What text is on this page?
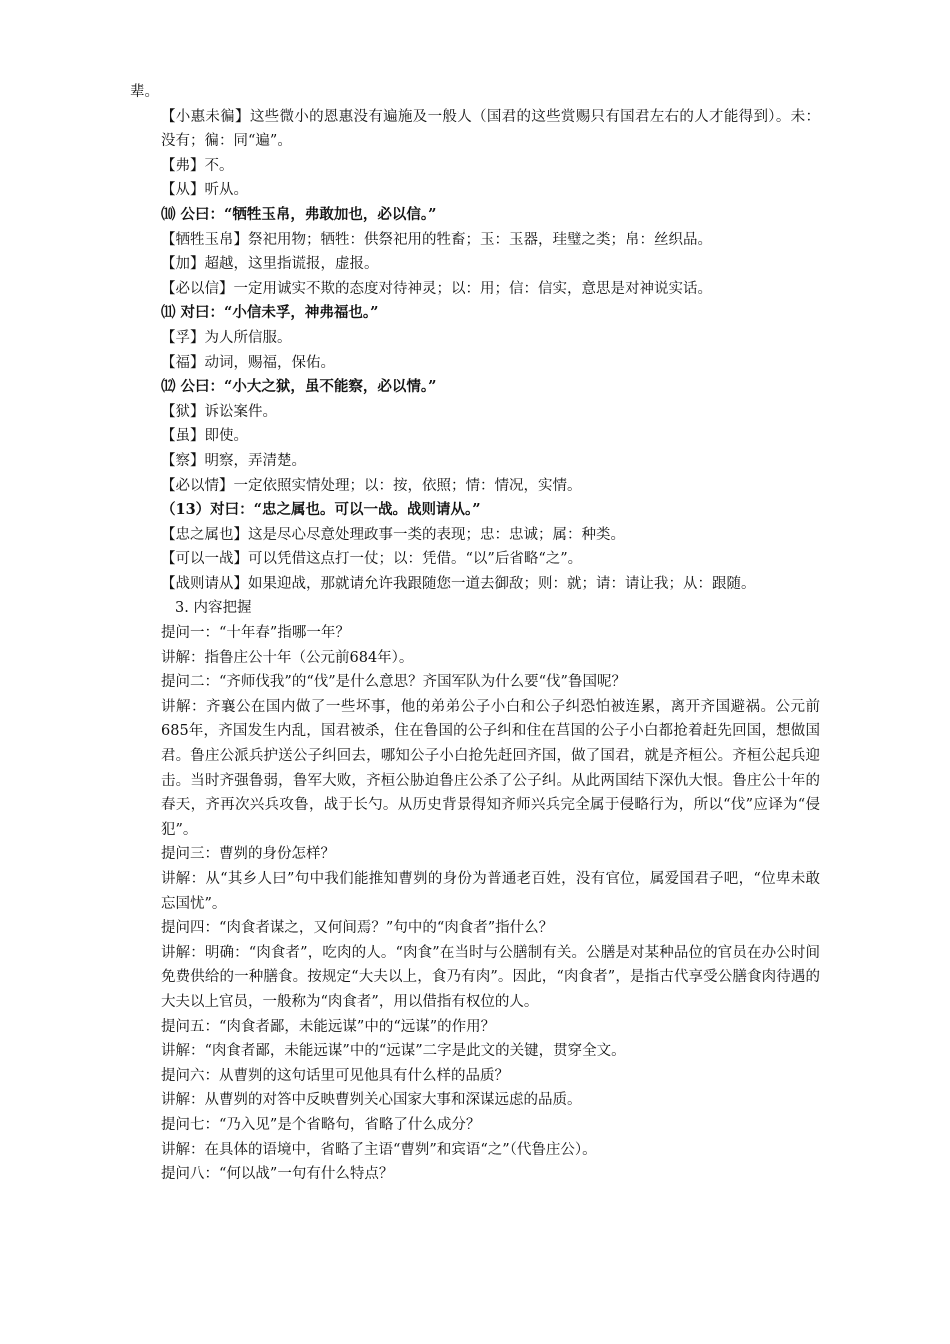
辈。
【小惠未徧】这些微小的恩惠没有遍施及一般人（国君的这些赏赐只有国君左右的人才能得到）。未：没有；徧：同“遍”。
【弗】不。
【从】听从。
⑽ 公曰：“牺牲玉帛，弗敢加也，必以信。”
【牺牲玉帛】祭祀用物；牺牲：供祭祀用的牲畜；玉：玉器，珪璧之类；帛：丝织品。
【加】超越，这里指谎报，虚报。
【必以信】一定用诚实不欺的态度对待神灵；以：用；信：信实，意思是对神说实话。
⑾ 对曰：“小信未孚，神弗福也。”
【孚】为人所信服。
【福】动词，赐福，保佑。
⑿ 公曰：“小大之狱，虽不能察，必以情。”
【狱】诉讼案件。
【虽】即使。
【察】明察，弄清楚。
【必以情】一定依照实情处理；以：按，依照；情：情况，实情。
（13）对曰：“忠之属也。可以一战。战则请从。”
【忠之属也】这是尽心尽意处理政事一类的表现；忠：忠诚；属：种类。
【可以一战】可以凭借这点打一仗；以：凭借。“以”后省略“之”。
【战则请从】如果迎战，那就请允许我跟随您一道去御敌；则：就；请：请让我；从：跟随。
3. 内容把握
提问一：“十年春”指哪一年？
讲解：指鲁庄公十年（公元前684年）。
提问二：“齐师伐我”的“伐”是什么意思？齐国军队为什么要“伐”鲁国呢？
讲解：齐襄公在国内做了一些坏事，他的弟弟公子小白和公子纠恐怕被连累，离开齐国避祸。公元前685年，齐国发生内乱，国君被杀，住在鲁国的公子纠和住在莒国的公子小白都抢着赶先回国，想做国君。鲁庄公派兵护送公子纠回去，哪知公子小白抢先赶回齐国，做了国君，就是齐桓公。齐桓公起兵迎击。当时齐强鲁弱，鲁军大败，齐桓公胁迫鲁庄公杀了公子纠。从此两国结下深仇大恨。鲁庄公十年的春天，齐再次兴兵攻鲁，战于长勺。从历史背景得知齐师兴兵完全属于侵略行为，所以“伐”应译为“侵犯”。
提问三：曹刿的身份怎样？
讲解：从“其乡人曰”句中我们能推知曹刿的身份为普通老百姓，没有官位，属爱国君子吧，“位卑未敢忘国忧”。
提问四：“肉食者谋之，又何间焉？”句中的“肉食者”指什么？
讲解：明确：“肉食者”，吃肉的人。“肉食”在当时与公膳制有关。公膳是对某种品位的官员在办公时间免费供给的一种膳食。按规定“大夫以上，食乃有肉”。因此，“肉食者”，是指古代享受公膳食肉待遇的大夫以上官员，一般称为“肉食者”，用以借指有权位的人。
提问五：“肉食者鄙，未能远谋”中的“远谋”的作用？
讲解：“肉食者鄙，未能远谋”中的“远谋”二字是此文的关键，贯穿全文。
提问六：从曹刿的这句话里可见他具有什么样的品质？
讲解：从曹刿的对答中反映曹刿关心国家大事和深谋远虑的品质。
提问七：“乃入见”是个省略句，省略了什么成分？
讲解：在具体的语境中，省略了主语“曹刿”和宾语“之”（代鲁庄公）。
提问八：“何以战”一句有什么特点？
